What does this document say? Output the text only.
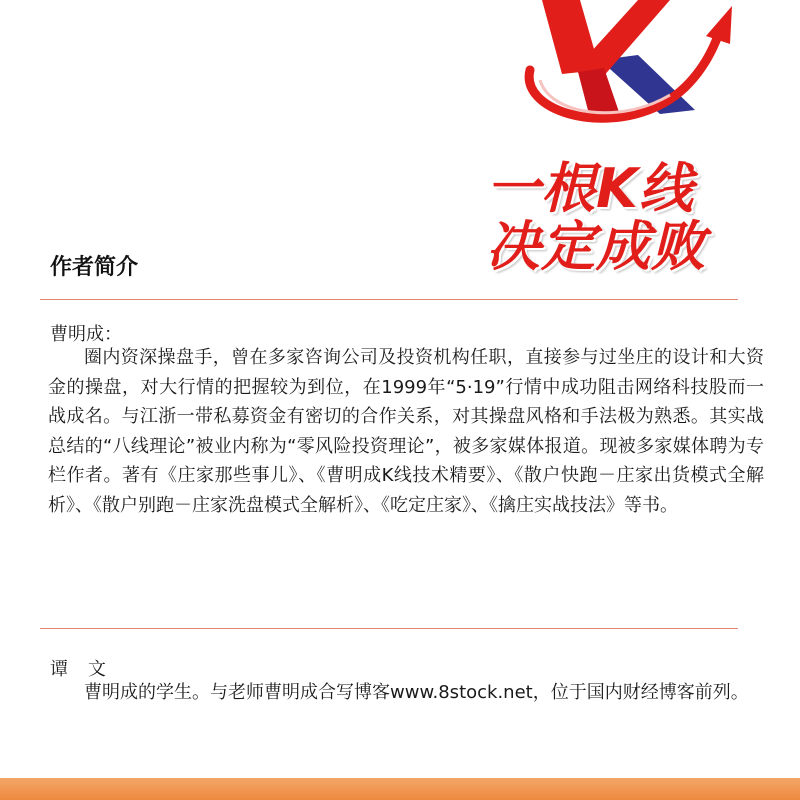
一根K线
决定成败
作者简介
曹明成：
圈内资深操盘手，曾在多家咨询公司及投资机构任职，直接参与过坐庄的设计和大资金的操盘，对大行情的把握较为到位，在1999年“5·19”行情中成功阻击网络科技股而一战成名。与江浙一带私募资金有密切的合作关系，对其操盘风格和手法极为熟悉。其实战总结的“八线理论”被业内称为“零风险投资理论”，被多家媒体报道。现被多家媒体聘为专栏作者。著有《庄家那些事儿》、《曹明成K线技术精要》、《散户快跑－庄家出货模式全解析》、《散户别跑－庄家洗盘模式全解析》、《吃定庄家》、《擒庄实战技法》等书。
谭文
曹明成的学生。与老师曹明成合写博客www.8stock.net，位于国内财经博客前列。
